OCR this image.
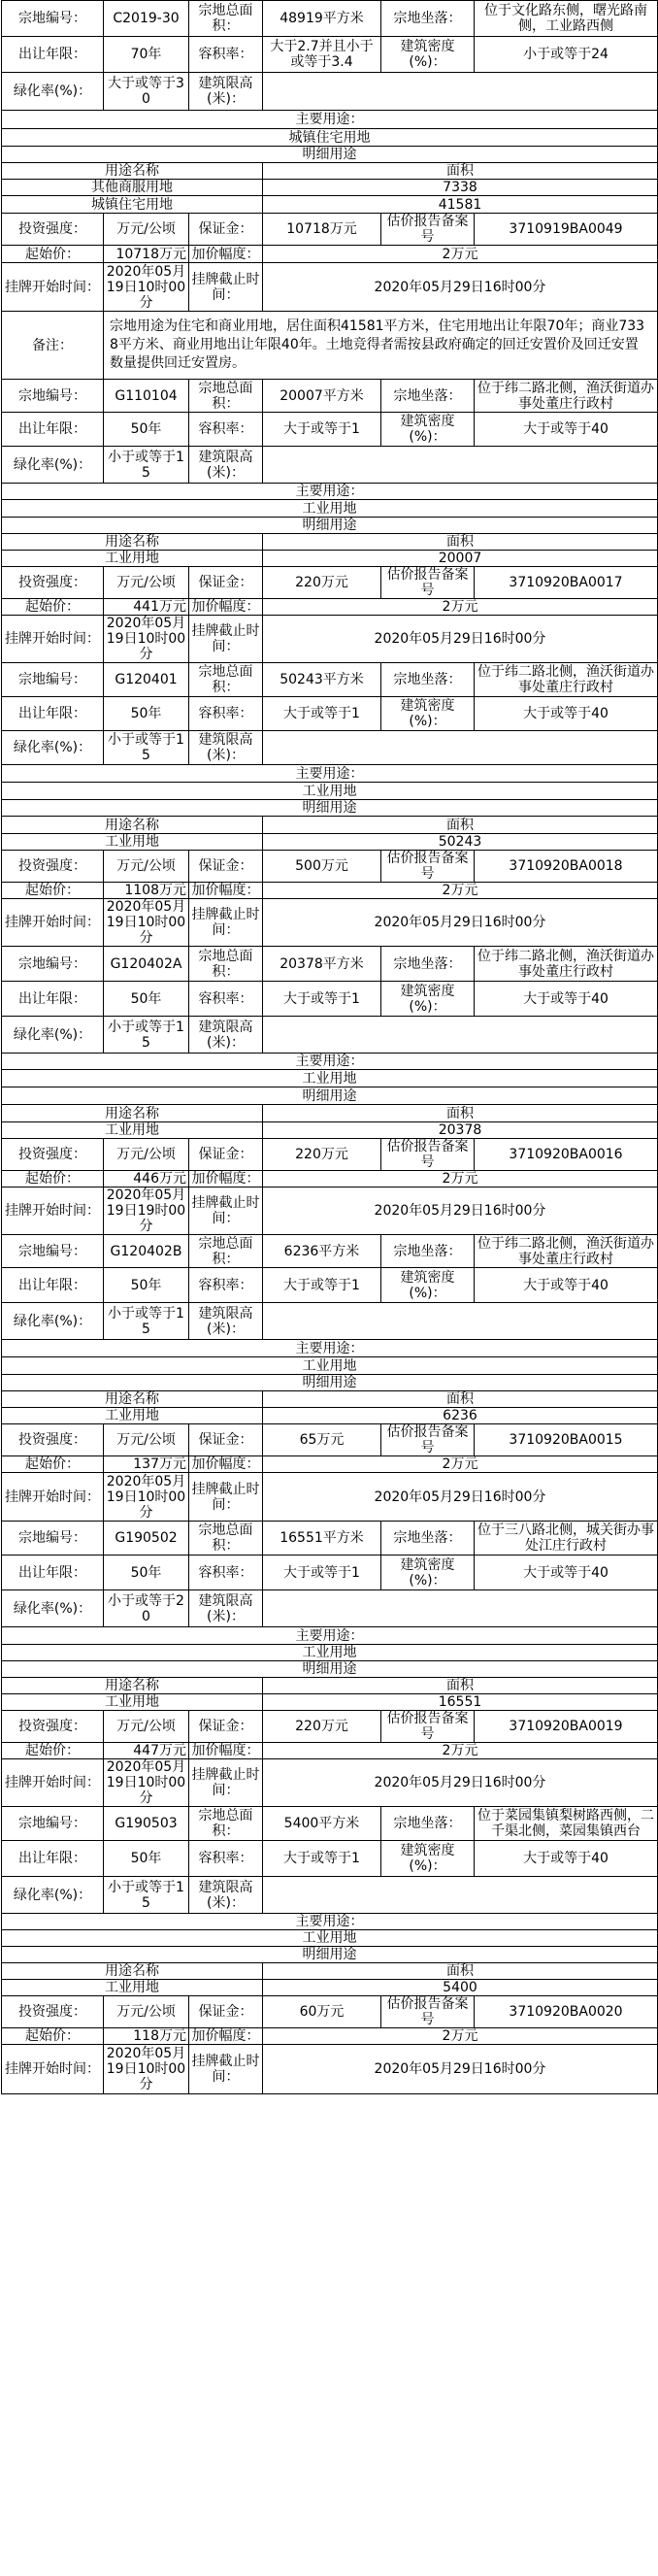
宗地编号：	C2019-30	宗地总面积：	48919平方米	宗地坐落：	位于文化路东侧，曙光路南侧，工业路西侧
出让年限：	70年	容积率：	大于2.7并且小于或等于3.4	建筑密度(%)：	小于或等于24
绿化率(%)：	大于或等于30	建筑限高(米)：			
主要用途：					
城镇住宅用地					
明细用途					
用途名称			面积		
其他商服用地			7338		
城镇住宅用地			41581		
投资强度：	万元/公顷	保证金：	10718万元	估价报告备案号	3710919BA0049
起始价：	10718万元	加价幅度：	2万元		
挂牌开始时间：	2020年05月19日10时00分	挂牌截止时间：	2020年05月29日16时00分		
备注：	宗地用途为住宅和商业用地，居住面积41581平方米，住宅用地出让年限70年；商业7338平方米、商业用地出让年限40年。土地竞得者需按县政府确定的回迁安置价及回迁安置数量提供回迁安置房。				
宗地编号：	G110104	宗地总面积：	20007平方米	宗地坐落：	位于纬二路北侧，渔沃街道办事处董庄行政村
出让年限：	50年	容积率：	大于或等于1	建筑密度(%)：	大于或等于40
绿化率(%)：	小于或等于15	建筑限高(米)：			
主要用途：					
工业用地					
明细用途					
用途名称			面积		
工业用地			20007		
投资强度：	万元/公顷	保证金：	220万元	估价报告备案号	3710920BA0017
起始价：	441万元	加价幅度：	2万元		
挂牌开始时间：	2020年05月19日10时00分	挂牌截止时间：	2020年05月29日16时00分		
宗地编号：	G120401	宗地总面积：	50243平方米	宗地坐落：	位于纬二路北侧，渔沃街道办事处董庄行政村
出让年限：	50年	容积率：	大于或等于1	建筑密度(%)：	大于或等于40
绿化率(%)：	小于或等于15	建筑限高(米)：			
主要用途：					
工业用地					
明细用途					
用途名称			面积		
工业用地			50243		
投资强度：	万元/公顷	保证金：	500万元	估价报告备案号	3710920BA0018
起始价：	1108万元	加价幅度：	2万元		
挂牌开始时间：	2020年05月19日10时00分	挂牌截止时间：	2020年05月29日16时00分		
宗地编号：	G120402A	宗地总面积：	20378平方米	宗地坐落：	位于纬二路北侧，渔沃街道办事处董庄行政村
出让年限：	50年	容积率：	大于或等于1	建筑密度(%)：	大于或等于40
绿化率(%)：	小于或等于15	建筑限高(米)：			
主要用途：					
工业用地					
明细用途					
用途名称			面积		
工业用地			20378		
投资强度：	万元/公顷	保证金：	220万元	估价报告备案号	3710920BA0016
起始价：	446万元	加价幅度：	2万元		
挂牌开始时间：	2020年05月19日19时00分	挂牌截止时间：	2020年05月29日16时00分		
宗地编号：	G120402B	宗地总面积：	6236平方米	宗地坐落：	位于纬二路北侧，渔沃街道办事处董庄行政村
出让年限：	50年	容积率：	大于或等于1	建筑密度(%)：	大于或等于40
绿化率(%)：	小于或等于15	建筑限高(米)：			
主要用途：					
工业用地					
明细用途					
用途名称			面积		
工业用地			6236		
投资强度：	万元/公顷	保证金：	65万元	估价报告备案号	3710920BA0015
起始价：	137万元	加价幅度：	2万元		
挂牌开始时间：	2020年05月19日10时00分	挂牌截止时间：	2020年05月29日16时00分		
宗地编号：	G190502	宗地总面积：	16551平方米	宗地坐落：	位于三八路北侧，城关街办事处江庄行政村
出让年限：	50年	容积率：	大于或等于1	建筑密度(%)：	大于或等于40
绿化率(%)：	小于或等于20	建筑限高(米)：			
主要用途：					
工业用地					
明细用途					
用途名称			面积		
工业用地			16551		
投资强度：	万元/公顷	保证金：	220万元	估价报告备案号	3710920BA0019
起始价：	447万元	加价幅度：	2万元		
挂牌开始时间：	2020年05月19日10时00分	挂牌截止时间：	2020年05月29日16时00分		
宗地编号：	G190503	宗地总面积：	5400平方米	宗地坐落：	位于菜园集镇梨树路西侧，二千渠北侧，菜园集镇西台
出让年限：	50年	容积率：	大于或等于1	建筑密度(%)：	大于或等于40
绿化率(%)：	小于或等于15	建筑限高(米)：			
主要用途：					
工业用地					
明细用途					
用途名称			面积		
工业用地			5400		
投资强度：	万元/公顷	保证金：	60万元	估价报告备案号	3710920BA0020
起始价：	118万元	加价幅度：	2万元		
挂牌开始时间：	2020年05月19日10时00分	挂牌截止时间：	2020年05月29日16时00分		
